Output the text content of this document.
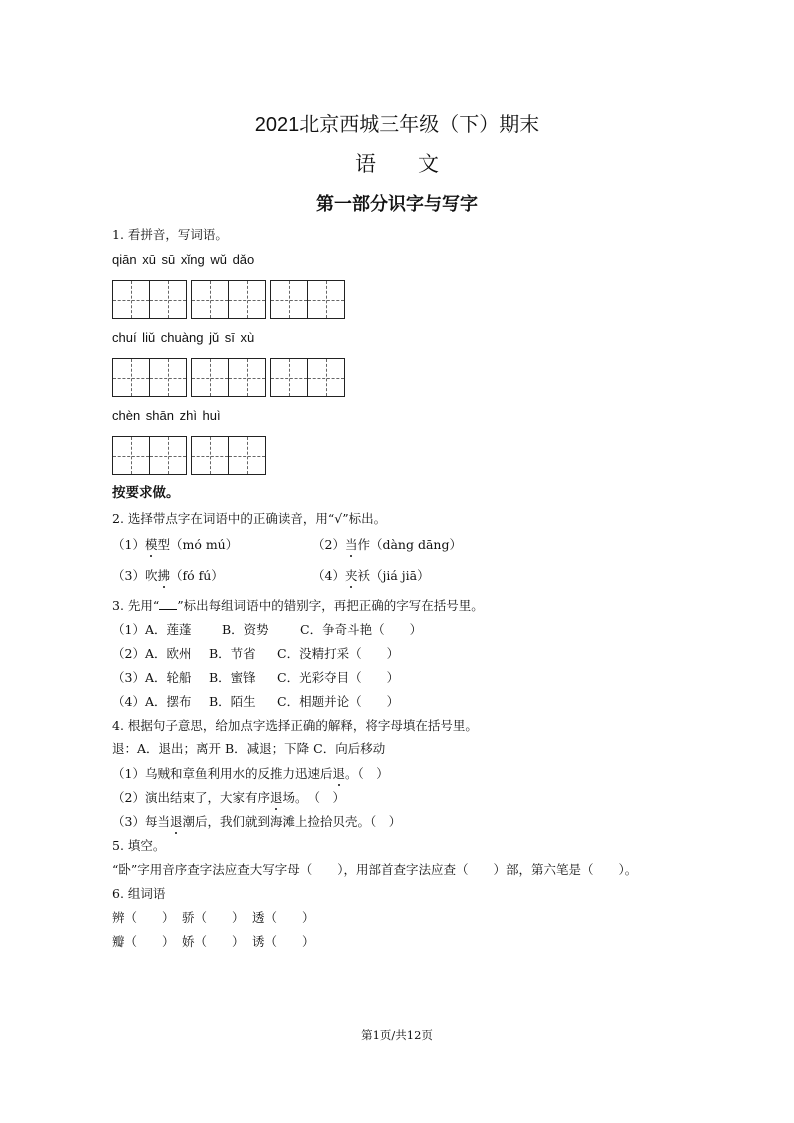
2021北京西城三年级（下）期末
语文
第一部分识字与写字
1. 看拼音，写词语。
qiān xū sū xǐng wǔ dǎo
chuí liǔ chuàng jǔ sī xù
chèn shān zhì huì
按要求做。
2. 选择带点字在词语中的正确读音，用“√”标出。
（1）模型（mó mú）	（2）当作（dàng dāng）
（3）吹拂（fó fú）	（4）夹袄（jiá jiā）
3. 先用“ ”标出每组词语中的错别字，再把正确的字写在括号里。
（1）A．莲蓬	B．资势	C．争奇斗艳（　　）
（2）A．欧州	B．节省	C．没精打采（　　）
（3）A．轮船	B．蜜锋	C．光彩夺目（　　）
（4）A．摆布	B．陌生	C．相题并论（　　）
4. 根据句子意思，给加点字选择正确的解释，将字母填在括号里。
退：A．退出；离开 B．减退；下降 C．向后移动
（1）乌贼和章鱼利用水的反推力迅速后退。（　）
（2）演出结束了，大家有序退场。　（　）
（3）每当退潮后，我们就到海滩上捡拾贝壳。（　）
5. 填空。
“卧”字用音序查字法应查大写字母（　　），用部首查字法应查（　　）部，第六笔是（　　）。
6. 组词语
辨（　　） 骄（　　） 透（　　）
瓣（　　） 娇（　　） 诱（　　）
第1页/共12页
